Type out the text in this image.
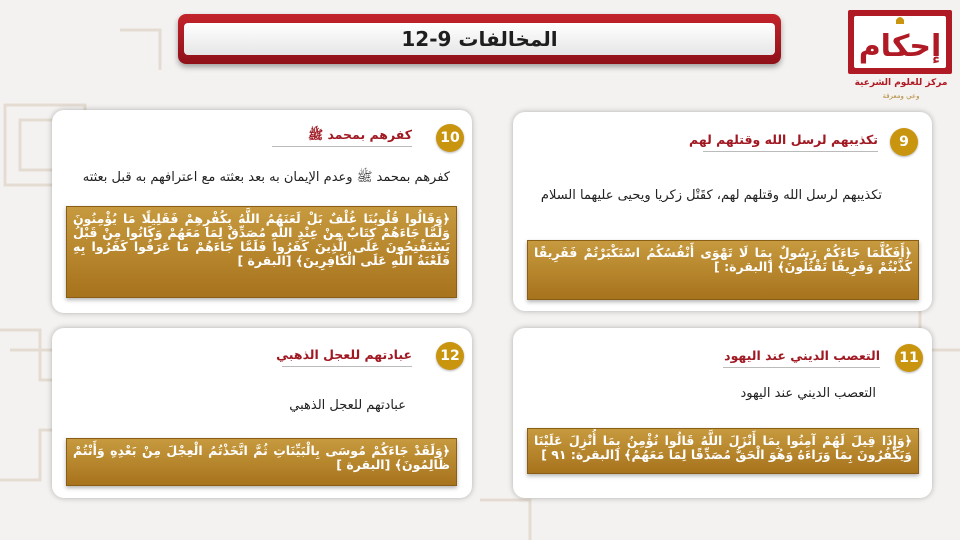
المخالفات 9-12	إحكام
مركز للعلوم الشرعية
وعي ومعرفة
10
كفرهم بمحمد ﷺ
كفرهم بمحمد ﷺ وعدم الإيمان به بعد بعثته مع اعترافهم به قبل بعثته
﴿وَقَالُوا قُلُوبُنَا غُلْفٌ بَلْ لَعَنَهُمُ اللَّهُ بِكُفْرِهِمْ فَقَلِيلًا مَا يُؤْمِنُونَ وَلَمَّا جَاءَهُمْ كِتَابٌ مِنْ عِنْدِ اللَّهِ مُصَدِّقٌ لِمَا مَعَهُمْ وَكَانُوا مِنْ قَبْلُ يَسْتَفْتِحُونَ عَلَى الَّذِينَ كَفَرُوا فَلَمَّا جَاءَهُمْ مَا عَرَفُوا كَفَرُوا بِهِ فَلَعْنَةُ اللَّهِ عَلَى الْكَافِرِينَ﴾ [البقرة ]
9
تكذيبهم لرسل الله وقتلهم لهم
تكذيبهم لرسل الله وقتلهم لهم، كقَتْل زكريا ويحيى عليهما السلام
﴿أَفَكُلَّمَا جَاءَكُمْ رَسُولٌ بِمَا لَا تَهْوَى أَنْفُسُكُمُ اسْتَكْبَرْتُمْ فَفَرِيقًا كَذَّبْتُمْ وَفَرِيقًا تَقْتُلُونَ﴾ [البقرة: ]
12
عبادتهم للعجل الذهبي
عبادتهم للعجل الذهبي
﴿وَلَقَدْ جَاءَكُمْ مُوسَى بِالْبَيِّنَاتِ ثُمَّ اتَّخَذْتُمُ الْعِجْلَ مِنْ بَعْدِهِ وَأَنْتُمْ ظَالِمُونَ﴾ [البقرة ]
11
التعصب الديني عند اليهود
التعصب الديني عند اليهود
﴿وَإِذَا قِيلَ لَهُمْ آمِنُوا بِمَا أَنْزَلَ اللَّهُ قَالُوا نُؤْمِنُ بِمَا أُنْزِلَ عَلَيْنَا وَيَكْفُرُونَ بِمَا وَرَاءَهُ وَهُوَ الْحَقُّ مُصَدِّقًا لِمَا مَعَهُمْ﴾ [البقرة: ٩١ ]
